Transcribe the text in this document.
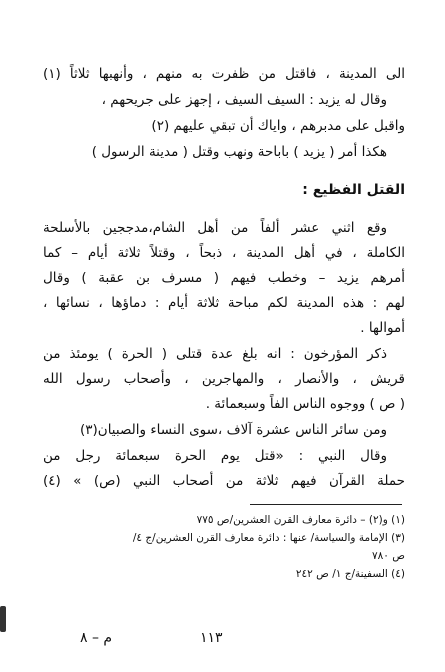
الى المدينة ، فاقتل من ظفرت به منهم ، وأنهبها ثلاثاً (١)
وقال له يزيد : السيف السيف ، إجهز على جريحهم ،
واقبل على مدبرهم ، واياك أن تبقي عليهم (٢)
هكذا أمر ( يزيد ) باباحة ونهب وقتل ( مدينة الرسول )
القتل الفظيع :
وقع اثني عشر ألفاً من أهل الشام،مدججين بالأسلحة
الكاملة ، في أهل المدينة ، ذبحاً ، وقتلاً ثلاثة أيام – كما
أمرهم يزيد – وخطب فيهم ( مسرف بن عقبة ) وقال
لهم : هذه المدينة لكم مباحة ثلاثة أيام : دماؤها ، نسائها ،
أموالها .
ذكر المؤرخون : انه بلغ عدة قتلى ( الحرة ) يومئذ من
قريش ، والأنصار ، والمهاجرين ، وأصحاب رسول الله
( ص ) ووجوه الناس الفاً وسبعمائة .
ومن سائر الناس عشرة آلاف ،سوى النساء والصبيان(٣)
وقال النبي : «قتل يوم الحرة سبعمائة رجل من
حملة القرآن فيهم ثلاثة من أصحاب النبي (ص) » (٤)
(١) و(٢) – دائرة معارف القرن العشرين/ص ٧٧٥
(٣) الإمامة والسياسة/ عنها : دائرة معارف القرن العشرين/ج ٤/
ص ٧٨٠
(٤) السفينة/ج ١/ ص ٢٤٢
١١٣
م – ٨
